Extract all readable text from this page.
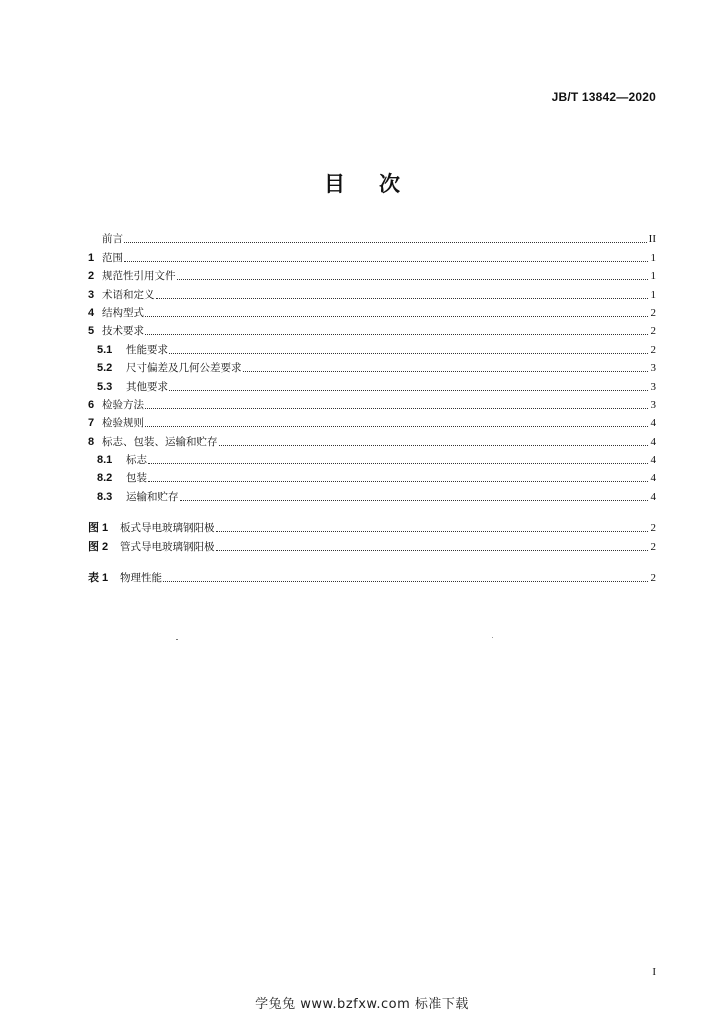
JB/T 13842—2020
目次
前言	II
1 范围	1
2 规范性引用文件	1
3 术语和定义	1
4 结构型式	2
5 技术要求	2
5.1	性能要求	2
5.2	尺寸偏差及几何公差要求	3
5.3	其他要求	3
6 检验方法	3
7 检验规则	4
8 标志、包装、运输和贮存	4
8.1	标志	4
8.2	包装	4
8.3	运输和贮存	4
图 1	板式导电玻璃钢阳极	2
图 2	管式导电玻璃钢阳极	2
表 1	物理性能	2
I
学兔兔 www.bzfxw.com 标准下载
